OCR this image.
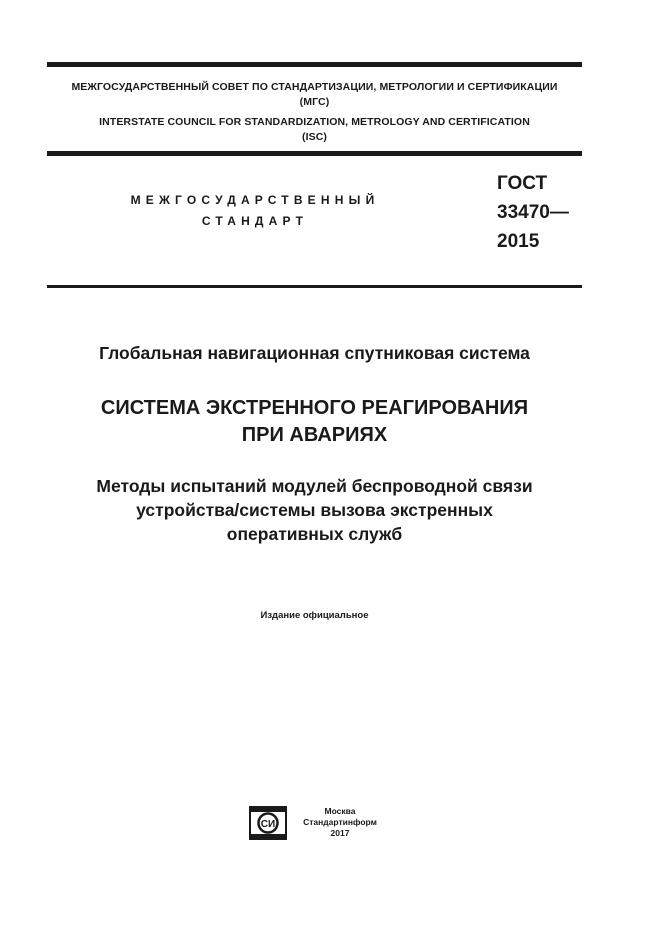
МЕЖГОСУДАРСТВЕННЫЙ СОВЕТ ПО СТАНДАРТИЗАЦИИ, МЕТРОЛОГИИ И СЕРТИФИКАЦИИ
(МГС)
INTERSTATE COUNCIL FOR STANDARDIZATION, METROLOGY AND CERTIFICATION
(ISC)
МЕЖГОСУДАРСТВЕННЫЙ
СТАНДАРТ
ГОСТ
33470—
2015
Глобальная навигационная спутниковая система
СИСТЕМА ЭКСТРЕННОГО РЕАГИРОВАНИЯ
ПРИ АВАРИЯХ
Методы испытаний модулей беспроводной связи
устройства/системы вызова экстренных
оперативных служб
Издание официальное
СИ
Москва
Стандартинформ
2017
